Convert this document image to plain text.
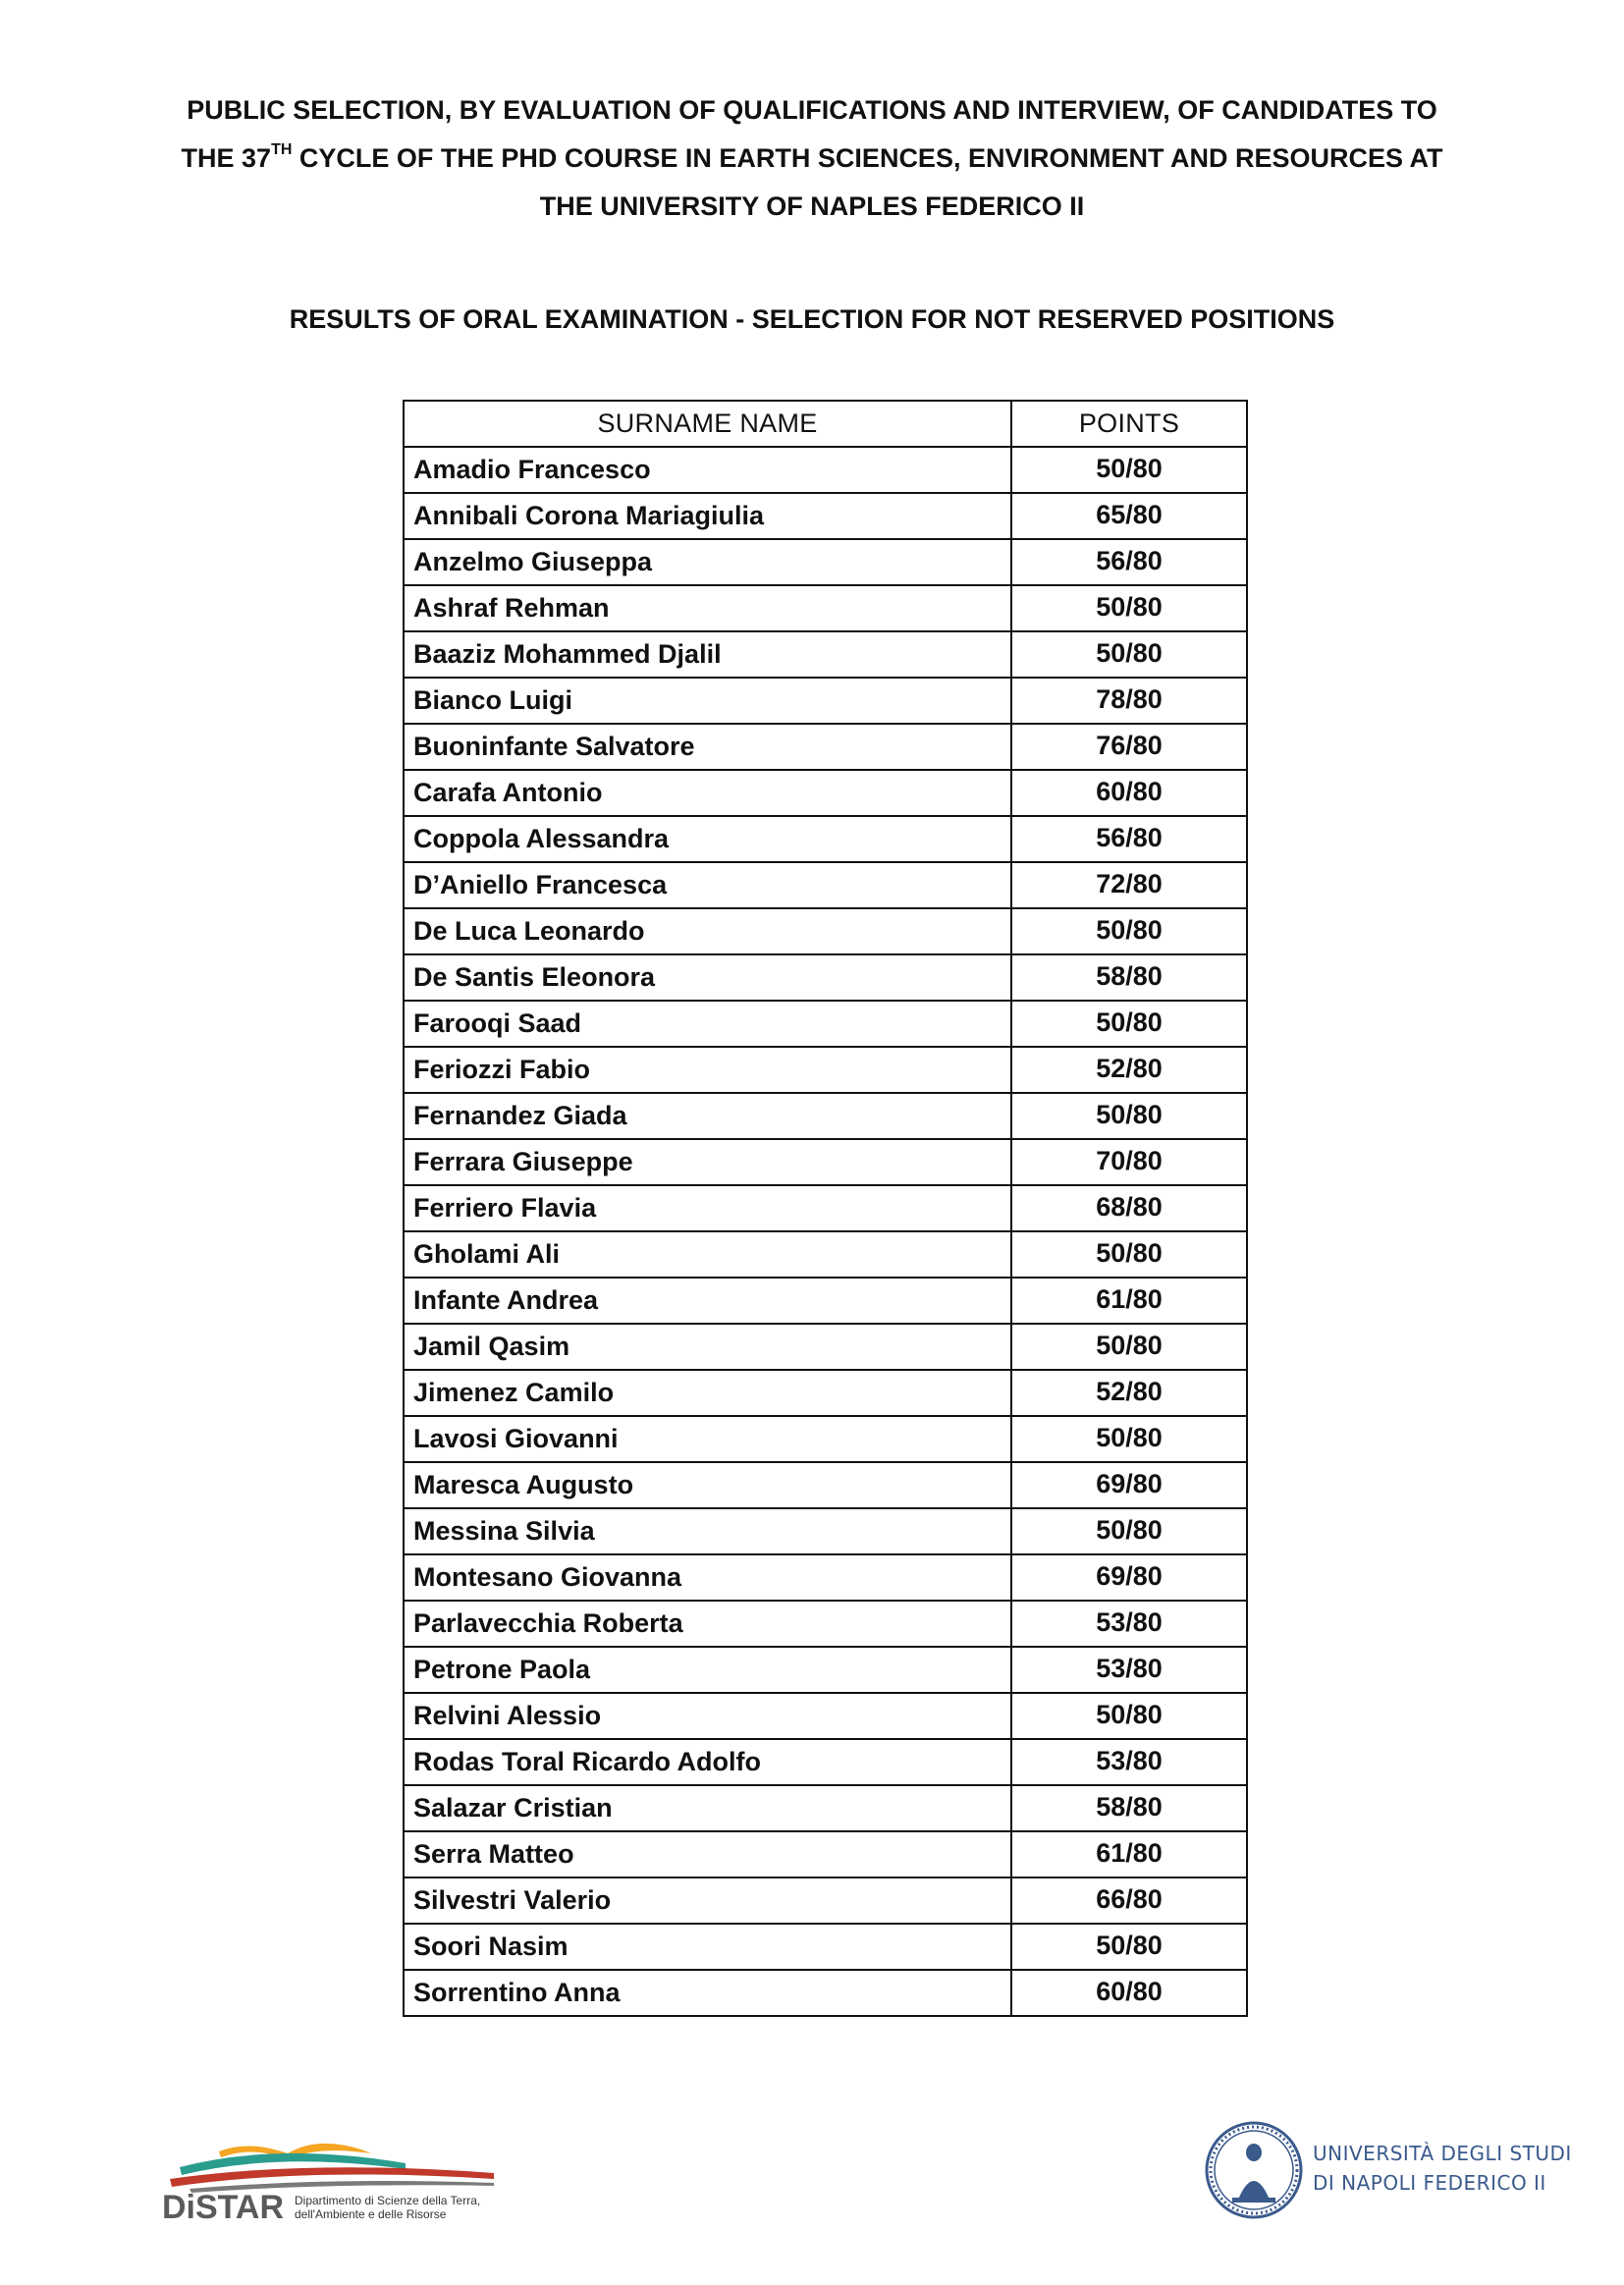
PUBLIC SELECTION, BY EVALUATION OF QUALIFICATIONS AND INTERVIEW, OF CANDIDATES TO
THE 37TH CYCLE OF THE PHD COURSE IN EARTH SCIENCES, ENVIRONMENT AND RESOURCES AT
THE UNIVERSITY OF NAPLES FEDERICO II
RESULTS OF ORAL EXAMINATION - SELECTION FOR NOT RESERVED POSITIONS
SURNAME NAME	POINTS
Amadio Francesco	50/80
Annibali Corona Mariagiulia	65/80
Anzelmo Giuseppa	56/80
Ashraf Rehman	50/80
Baaziz Mohammed Djalil	50/80
Bianco Luigi	78/80
Buoninfante Salvatore	76/80
Carafa Antonio	60/80
Coppola Alessandra	56/80
D’Aniello Francesca	72/80
De Luca Leonardo	50/80
De Santis Eleonora	58/80
Farooqi Saad	50/80
Feriozzi Fabio	52/80
Fernandez Giada	50/80
Ferrara Giuseppe	70/80
Ferriero Flavia	68/80
Gholami Ali	50/80
Infante Andrea	61/80
Jamil Qasim	50/80
Jimenez Camilo	52/80
Lavosi Giovanni	50/80
Maresca Augusto	69/80
Messina Silvia	50/80
Montesano Giovanna	69/80
Parlavecchia Roberta	53/80
Petrone Paola	53/80
Relvini Alessio	50/80
Rodas Toral Ricardo Adolfo	53/80
Salazar Cristian	58/80
Serra Matteo	61/80
Silvestri Valerio	66/80
Soori Nasim	50/80
Sorrentino Anna	60/80
DiSTAR Dipartimento di Scienze della Terra,
dell'Ambiente e delle Risorse
UNIVERSITÀ DEGLI STUDI
DI NAPOLI FEDERICO II
